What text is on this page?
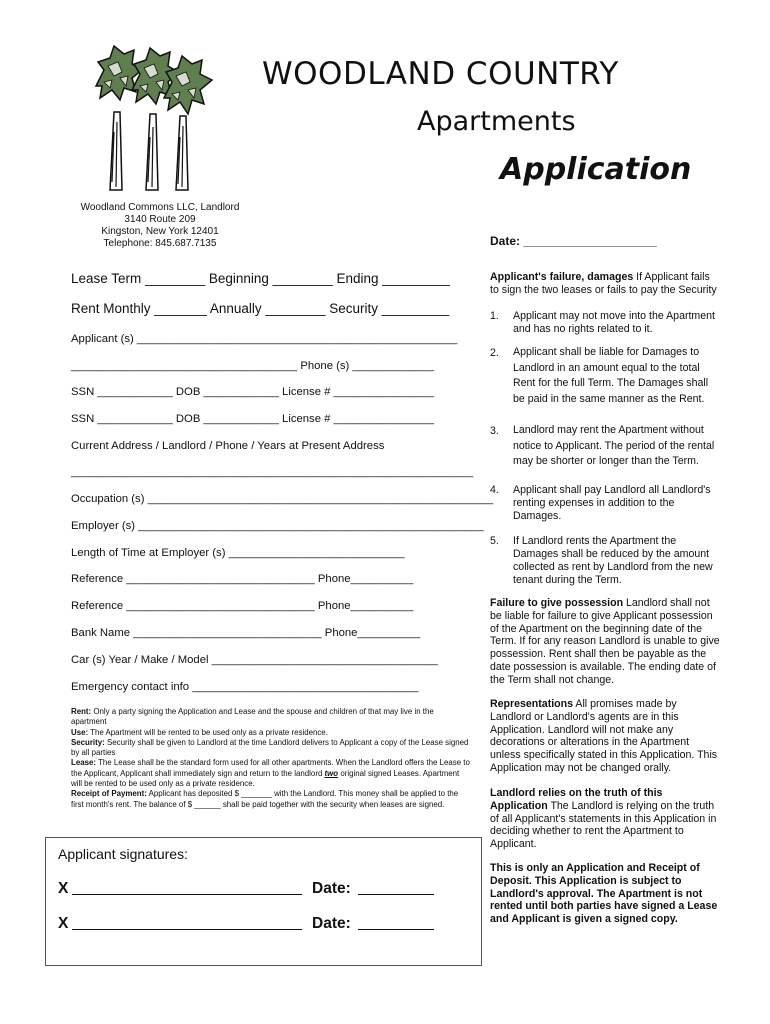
WOODLAND COUNTRY
Apartments
Application
Woodland Commons LLC, Landlord
3140 Route 209
Kingston, New York 12401
Telephone: 845.687.7135	Date: ____________________
Lease Term ________ Beginning ________ Ending _________
Rent Monthly _______ Annually ________ Security _________
Applicant (s) ___________________________________________________
____________________________________ Phone (s) _____________
SSN ____________ DOB ____________ License # ________________
SSN ____________ DOB ____________ License # ________________
Current Address / Landlord / Phone / Years at Present Address
________________________________________________________________
Occupation (s) _______________________________________________________
Employer (s) _______________________________________________________
Length of Time at Employer (s) ____________________________
Reference ______________________________ Phone__________
Reference ______________________________ Phone__________
Bank Name ______________________________ Phone__________
Car (s) Year / Make / Model ____________________________________
Emergency contact info ____________________________________
Rent: Only a party signing the Application and Lease and the spouse and children of that may live in the apartment
Use: The Apartment will be rented to be used only as a private residence.
Security: Security shall be given to Landlord at the time Landlord delivers to Applicant a copy of the Lease signed by all parties
Lease: The Lease shall be the standard form used for all other apartments. When the Landlord offers the Lease to the Applicant, Applicant shall immediately sign and return to the landlord two original signed Leases. Apartment will be rented to be used only as a private residence.
Receipt of Payment: Applicant has deposited $ _______ with the Landlord. This money shall be applied to the first month's rent. The balance of $ ______ shall be paid together with the security when leases are signed.
Applicant signatures:
X	Date:
X	Date:
Applicant's failure, damages If Applicant fails to sign the two leases or fails to pay the Security
1. Applicant may not move into the Apartment and has no rights related to it.
2. Applicant shall be liable for Damages to Landlord in an amount equal to the total Rent for the full Term. The Damages shall be paid in the same manner as the Rent.
3. Landlord may rent the Apartment without notice to Applicant. The period of the rental may be shorter or longer than the Term.
4. Applicant shall pay Landlord all Landlord's renting expenses in addition to the Damages.
5. If Landlord rents the Apartment the Damages shall be reduced by the amount collected as rent by Landlord from the new tenant during the Term.
Failure to give possession Landlord shall not be liable for failure to give Applicant possession of the Apartment on the beginning date of the Term. If for any reason Landlord is unable to give possession. Rent shall then be payable as the date possession is available. The ending date of the Term shall not change.
Representations All promises made by Landlord or Landlord's agents are in this Application. Landlord will not make any decorations or alterations in the Apartment unless specifically stated in this Application. This Application may not be changed orally.
Landlord relies on the truth of this Application The Landlord is relying on the truth of all Applicant's statements in this Application in deciding whether to rent the Apartment to Applicant.
This is only an Application and Receipt of Deposit. This Application is subject to Landlord's approval. The Apartment is not rented until both parties have signed a Lease and Applicant is given a signed copy.
